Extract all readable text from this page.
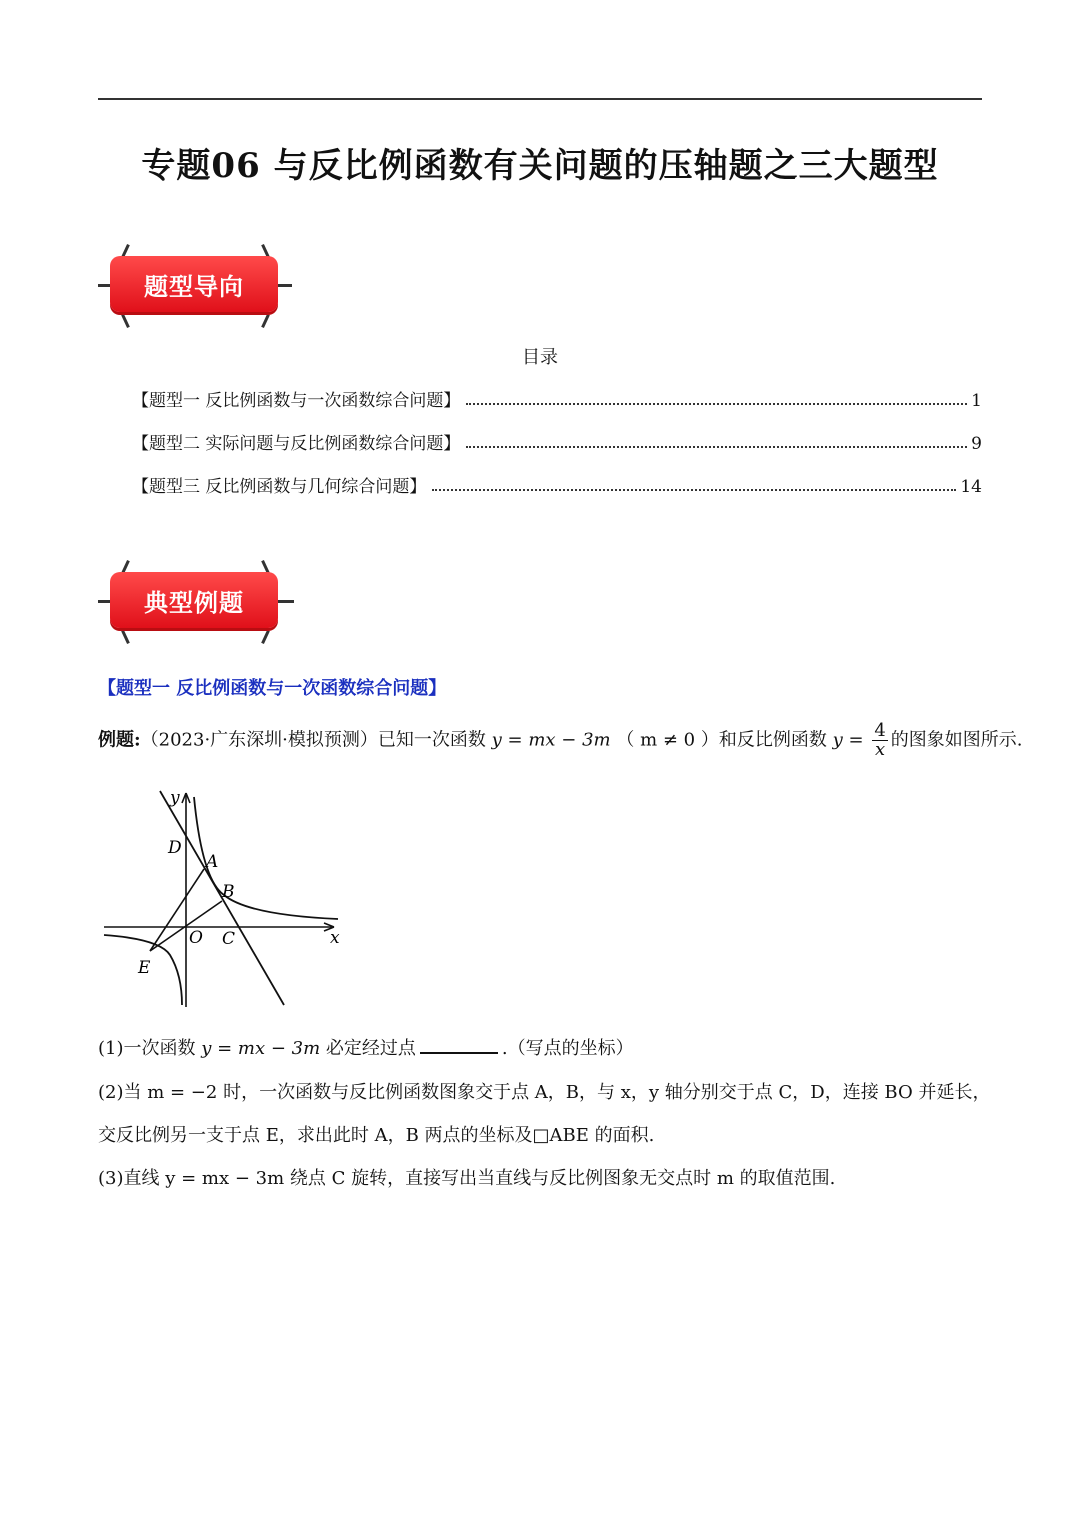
专题06 与反比例函数有关问题的压轴题之三大题型
题型导向
目录
【题型一 反比例函数与一次函数综合问题】	1
【题型二 实际问题与反比例函数综合问题】	9
【题型三 反比例函数与几何综合问题】	14
典型例题
【题型一 反比例函数与一次函数综合问题】
例题:（2023·广东深圳·模拟预测）已知一次函数 y = mx − 3m （ m ≠ 0 ）和反比例函数 $y = \frac{4}{x}$ 的图象如图所示.
y
x
O
A
B
C
D
E
(1)一次函数 y = mx − 3m 必定经过点	.（写点的坐标）
(2)当 m = −2 时，一次函数与反比例函数图象交于点 A，B，与 x，y 轴分别交于点 C，D，连接 BO 并延长，
交反比例另一支于点 E，求出此时 A，B 两点的坐标及□ABE 的面积.
(3)直线 y = mx − 3m 绕点 C 旋转，直接写出当直线与反比例图象无交点时 m 的取值范围.
